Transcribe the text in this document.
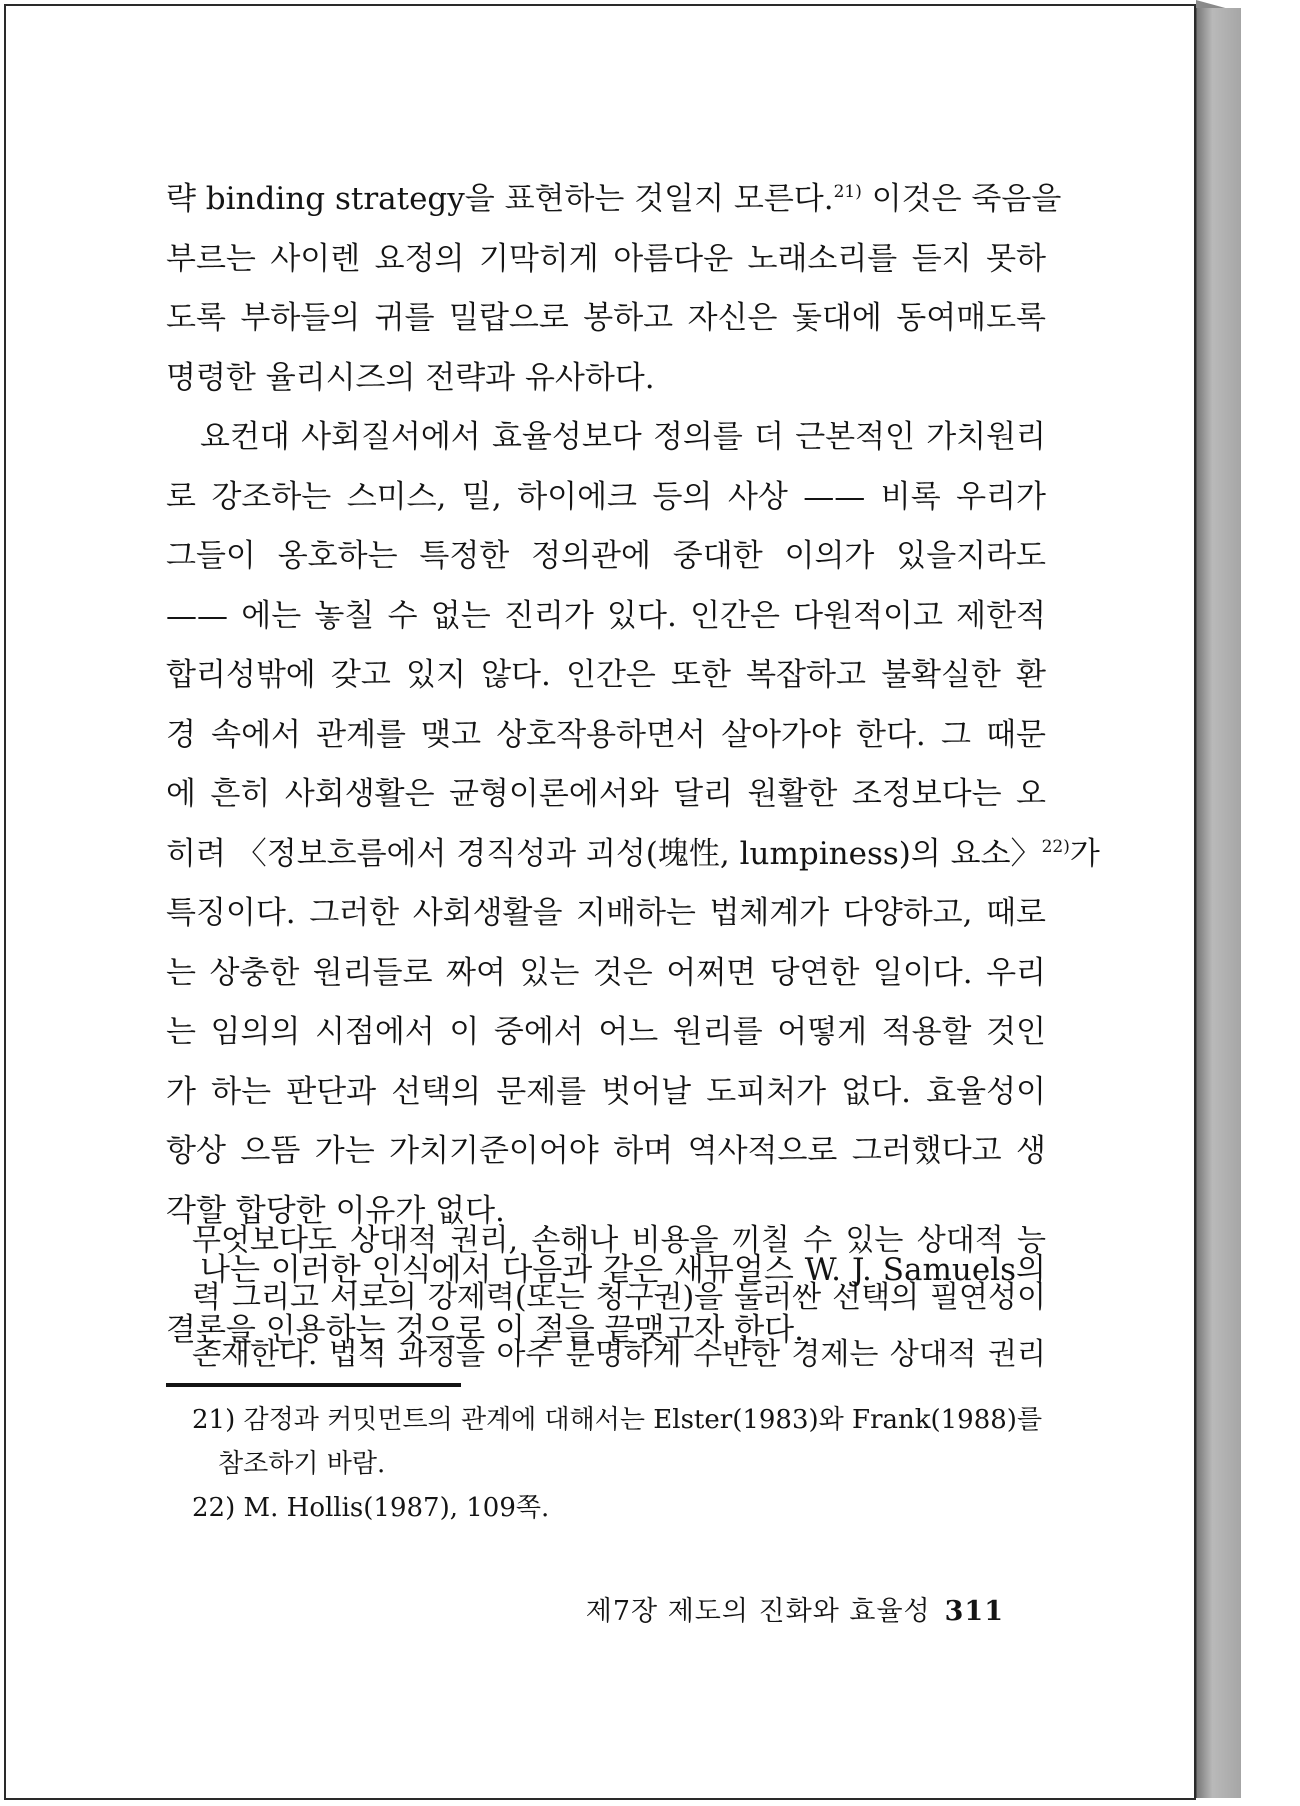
략 binding strategy을 표현하는 것일지 모른다.$^{21)}$ 이것은 죽음을
부르는 사이렌 요정의 기막히게 아름다운 노래소리를 듣지 못하
도록 부하들의 귀를 밀랍으로 봉하고 자신은 돛대에 동여매도록
명령한 율리시즈의 전략과 유사하다.
요컨대 사회질서에서 효율성보다 정의를 더 근본적인 가치원리
로 강조하는 스미스, 밀, 하이에크 등의 사상 —— 비록 우리가
그들이 옹호하는 특정한 정의관에 중대한 이의가 있을지라도
—— 에는 놓칠 수 없는 진리가 있다. 인간은 다원적이고 제한적
합리성밖에 갖고 있지 않다. 인간은 또한 복잡하고 불확실한 환
경 속에서 관계를 맺고 상호작용하면서 살아가야 한다. 그 때문
에 흔히 사회생활은 균형이론에서와 달리 원활한 조정보다는 오
히려 〈정보흐름에서 경직성과 괴성(塊性, lumpiness)의 요소〉$^{22)}$가
특징이다. 그러한 사회생활을 지배하는 법체계가 다양하고, 때로
는 상충한 원리들로 짜여 있는 것은 어쩌면 당연한 일이다. 우리
는 임의의 시점에서 이 중에서 어느 원리를 어떻게 적용할 것인
가 하는 판단과 선택의 문제를 벗어날 도피처가 없다. 효율성이
항상 으뜸 가는 가치기준이어야 하며 역사적으로 그러했다고 생
각할 합당한 이유가 없다.
나는 이러한 인식에서 다음과 같은 새뮤얼스 W. J. Samuels의
결론을 인용하는 것으로 이 절을 끝맺고자 한다.
무엇보다도 상대적 권리, 손해나 비용을 끼칠 수 있는 상대적 능
력 그리고 서로의 강제력(또는 청구권)을 둘러싼 선택의 필연성이
존재한다. 법적 과정을 아주 분명하게 수반한 경제는 상대적 권리
21) 감정과 커밋먼트의 관계에 대해서는 Elster(1983)와 Frank(1988)를
참조하기 바람.
22) M. Hollis(1987), 109쪽.
제7장 제도의 진화와 효율성 311
